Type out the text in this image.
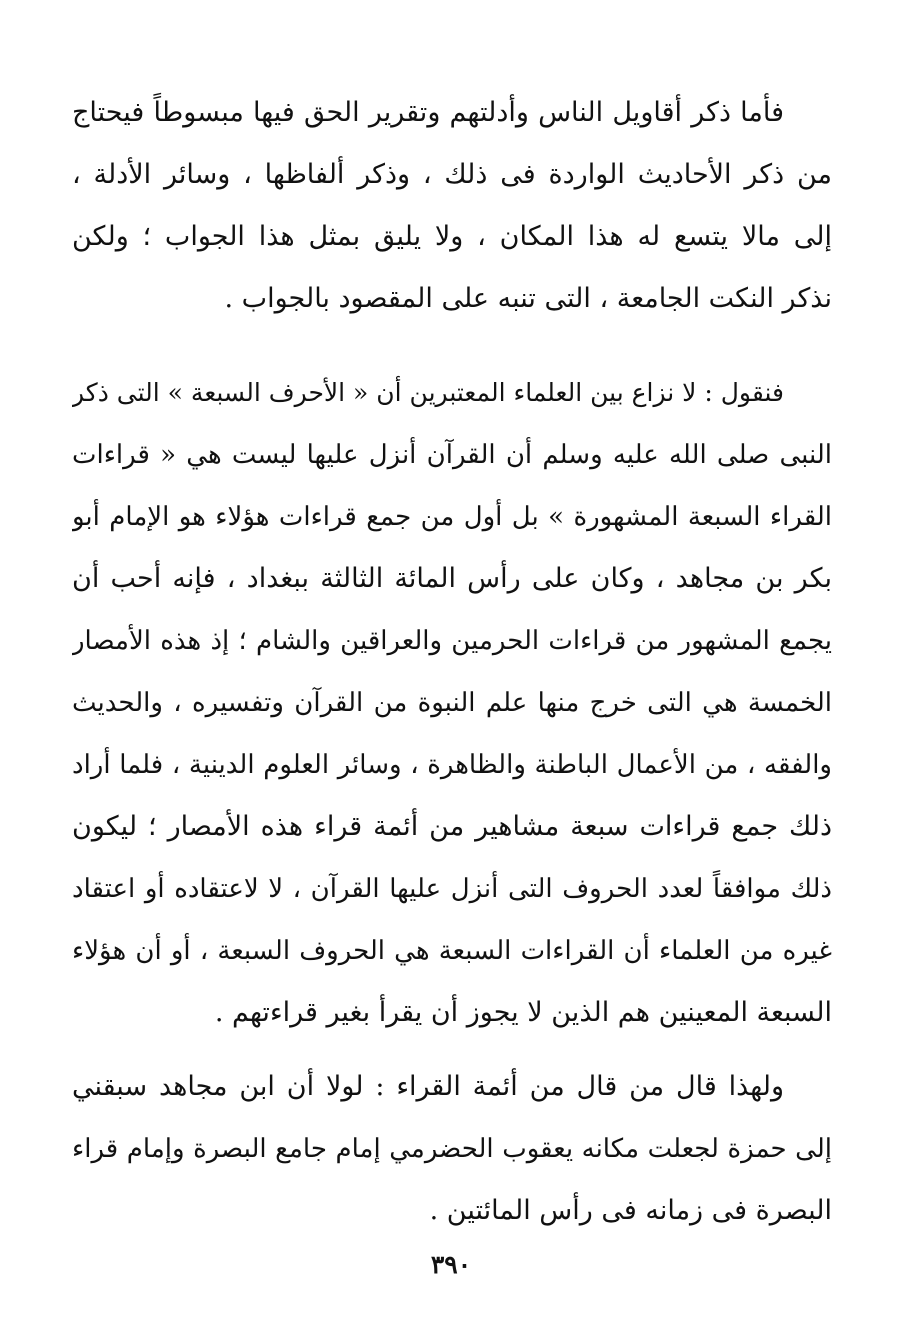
فأما ذكر أقاويل الناس وأدلتهم وتقرير الحق فيها مبسوطاً فيحتاج
من ذكر الأحاديث الواردة فى ذلك ، وذكر ألفاظها ، وسائر الأدلة ،
إلى مالا يتسع له هذا المكان ، ولا يليق بمثل هذا الجواب ؛ ولكن
نذكر النكت الجامعة ، التى تنبه على المقصود بالجواب .
فنقول : لا نزاع بين العلماء المعتبرين أن « الأحرف السبعة » التى ذكر
النبى صلى الله عليه وسلم أن القرآن أنزل عليها ليست هي « قراءات
القراء السبعة المشهورة » بل أول من جمع قراءات هؤلاء هو الإمام أبو
بكر بن مجاهد ، وكان على رأس المائة الثالثة ببغداد ، فإنه أحب أن
يجمع المشهور من قراءات الحرمين والعراقين والشام ؛ إذ هذه الأمصار
الخمسة هي التى خرج منها علم النبوة من القرآن وتفسيره ، والحديث
والفقه ، من الأعمال الباطنة والظاهرة ، وسائر العلوم الدينية ، فلما أراد
ذلك جمع قراءات سبعة مشاهير من أئمة قراء هذه الأمصار ؛ ليكون
ذلك موافقاً لعدد الحروف التى أنزل عليها القرآن ، لا لاعتقاده أو اعتقاد
غيره من العلماء أن القراءات السبعة هي الحروف السبعة ، أو أن هؤلاء
السبعة المعينين هم الذين لا يجوز أن يقرأ بغير قراءتهم .
ولهذا قال من قال من أئمة القراء : لولا أن ابن مجاهد سبقني
إلى حمزة لجعلت مكانه يعقوب الحضرمي إمام جامع البصرة وإمام قراء
البصرة فى زمانه فى رأس المائتين .
٣٩٠
